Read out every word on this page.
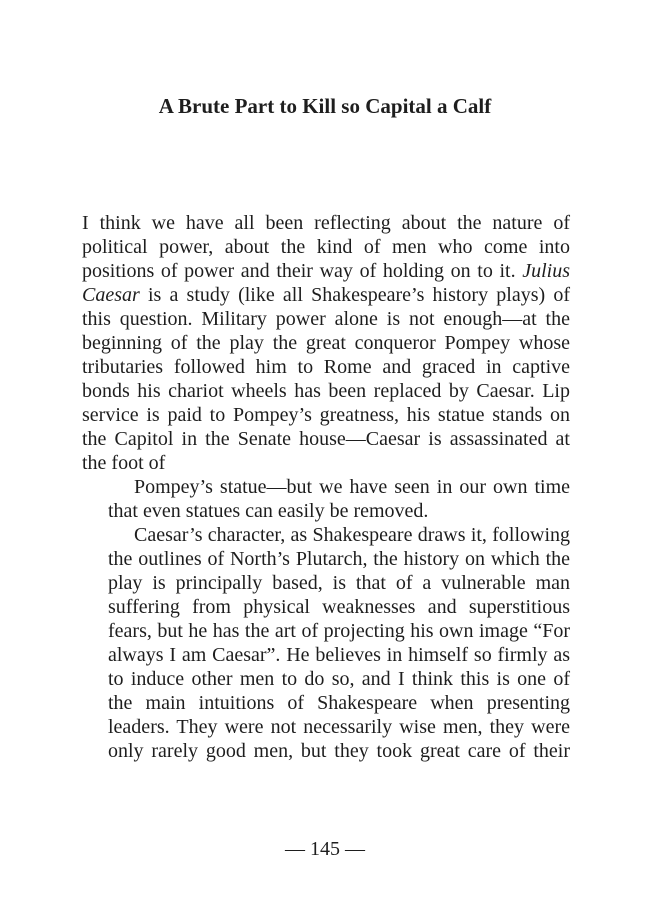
A Brute Part to Kill so Capital a Calf

I think we have all been reflecting about the nature of
political power, about the kind of men who come into
positions of power and their way of holding on to it. Julius
Caesar is a study (like all Shakespeare’s history plays) of
this question. Military power alone is not enough—at the
beginning of the play the great conqueror Pompey whose
tributaries followed him to Rome and graced in captive
bonds his chariot wheels has been replaced by Caesar. Lip
service is paid to Pompey’s greatness, his statue stands on
the Capitol in the Senate house—Caesar is assassinated at
the foot of

Pompey’s statue—but we have seen in our own time
that even statues can easily be removed.

Caesar’s character, as Shakespeare draws it, following
the outlines of North’s Plutarch, the history on which the
play is principally based, is that of a vulnerable man
suffering from physical weaknesses and superstitious
fears, but he has the art of projecting his own image “For
always I am Caesar”. He believes in himself so firmly as
to induce other men to do so, and I think this is one of
the main intuitions of Shakespeare when presenting
leaders. They were not necessarily wise men, they were
only rarely good men, but they took great care of their

— 145 —
